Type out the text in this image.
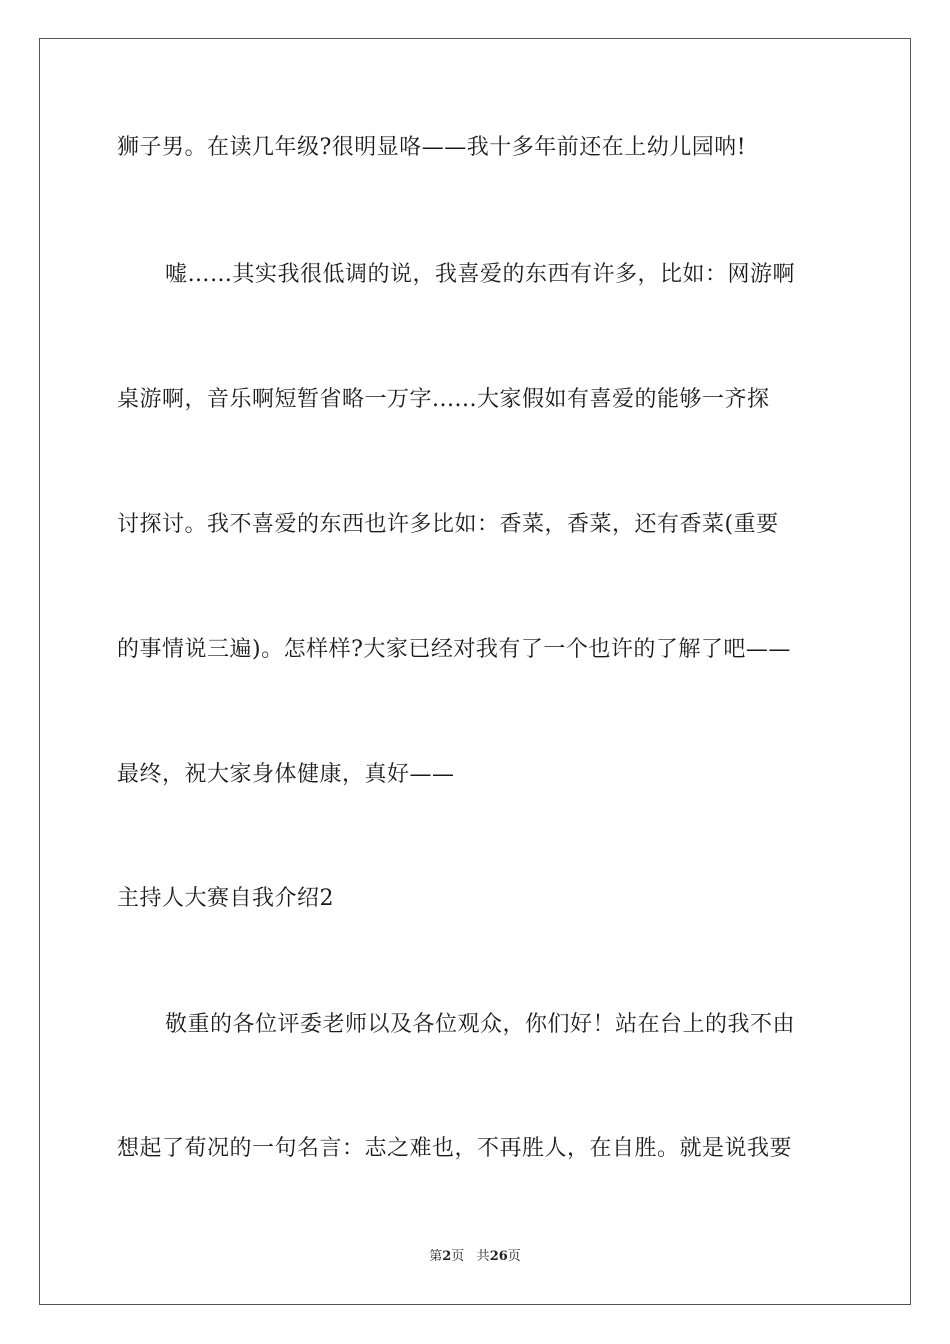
狮子男。在读几年级?很明显咯——我十多年前还在上幼儿园呐!
嘘……其实我很低调的说，我喜爱的东西有许多，比如：网游啊
桌游啊，音乐啊短暂省略一万字......大家假如有喜爱的能够一齐探
讨探讨。我不喜爱的东西也许多比如：香菜，香菜，还有香菜(重要
的事情说三遍)。怎样样?大家已经对我有了一个也许的了解了吧——
最终，祝大家身体健康，真好——
主持人大赛自我介绍2
敬重的各位评委老师以及各位观众，你们好！站在台上的我不由
想起了荀况的一句名言：志之难也，不再胜人，在自胜。就是说我要
第2页 共26页
